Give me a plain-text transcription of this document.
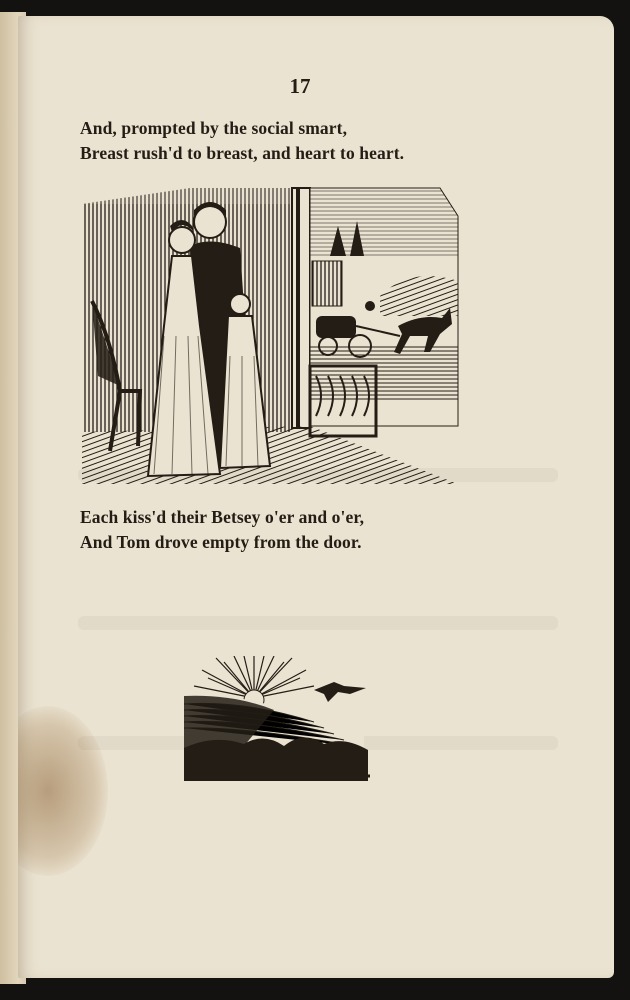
17
And, prompted by the social smart,
Breast rush'd to breast, and heart to heart.
Each kiss'd their Betsey o'er and o'er,
And Tom drove empty from the door.
